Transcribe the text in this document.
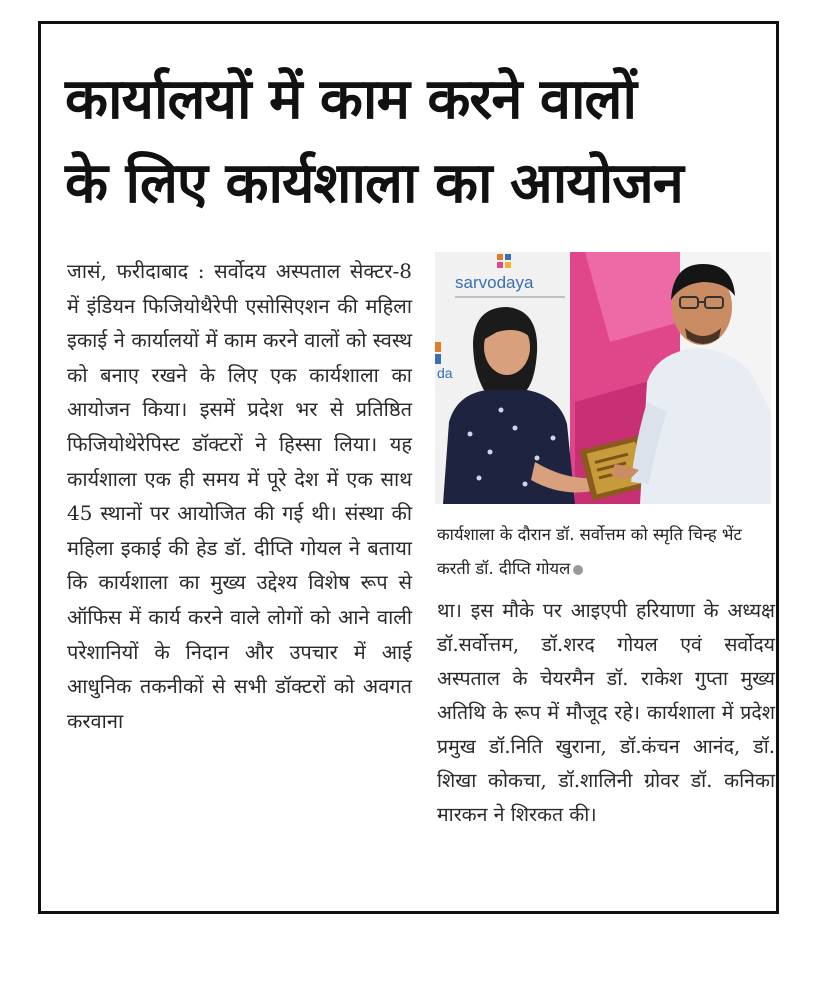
कार्यालयों में काम करने वालों
के लिए कार्यशाला का आयोजन

जासं, फरीदाबाद : सर्वोदय अस्पताल सेक्टर-8 में इंडियन फिजियोथैरेपी एसोसिएशन की महिला इकाई ने कार्यालयों में काम करने वालों को स्वस्थ को बनाए रखने के लिए एक कार्यशाला का आयोजन किया। इसमें प्रदेश भर से प्रतिष्ठित फिजियोथेरेपिस्ट डॉक्टरों ने हिस्सा लिया। यह कार्यशाला एक ही समय में पूरे देश में एक साथ 45 स्थानों पर आयोजित की गई थी। संस्था की महिला इकाई की हेड डॉ. दीप्ति गोयल ने बताया कि कार्यशाला का मुख्य उद्देश्य विशेष रूप से ऑफिस में कार्य करने वाले लोगों को आने वाली परेशानियों के निदान और उपचार में आई आधुनिक तकनीकों से सभी डॉक्टरों को अवगत करवाना

sarvodaya
da

कार्यशाला के दौरान डॉ. सर्वोत्तम को स्मृति चिन्ह भेंट करती डॉ. दीप्ति गोयल

था। इस मौके पर आइएपी हरियाणा के अध्यक्ष डॉ.सर्वोत्तम, डॉ.शरद गोयल एवं सर्वोदय अस्पताल के चेयरमैन डॉ. राकेश गुप्ता मुख्य अतिथि के रूप में मौजूद रहे। कार्यशाला में प्रदेश प्रमुख डॉ.निति खुराना, डॉ.कंचन आनंद, डॉ. शिखा कोकचा, डॉ.शालिनी ग्रोवर डॉ. कनिका मारकन ने शिरकत की।
